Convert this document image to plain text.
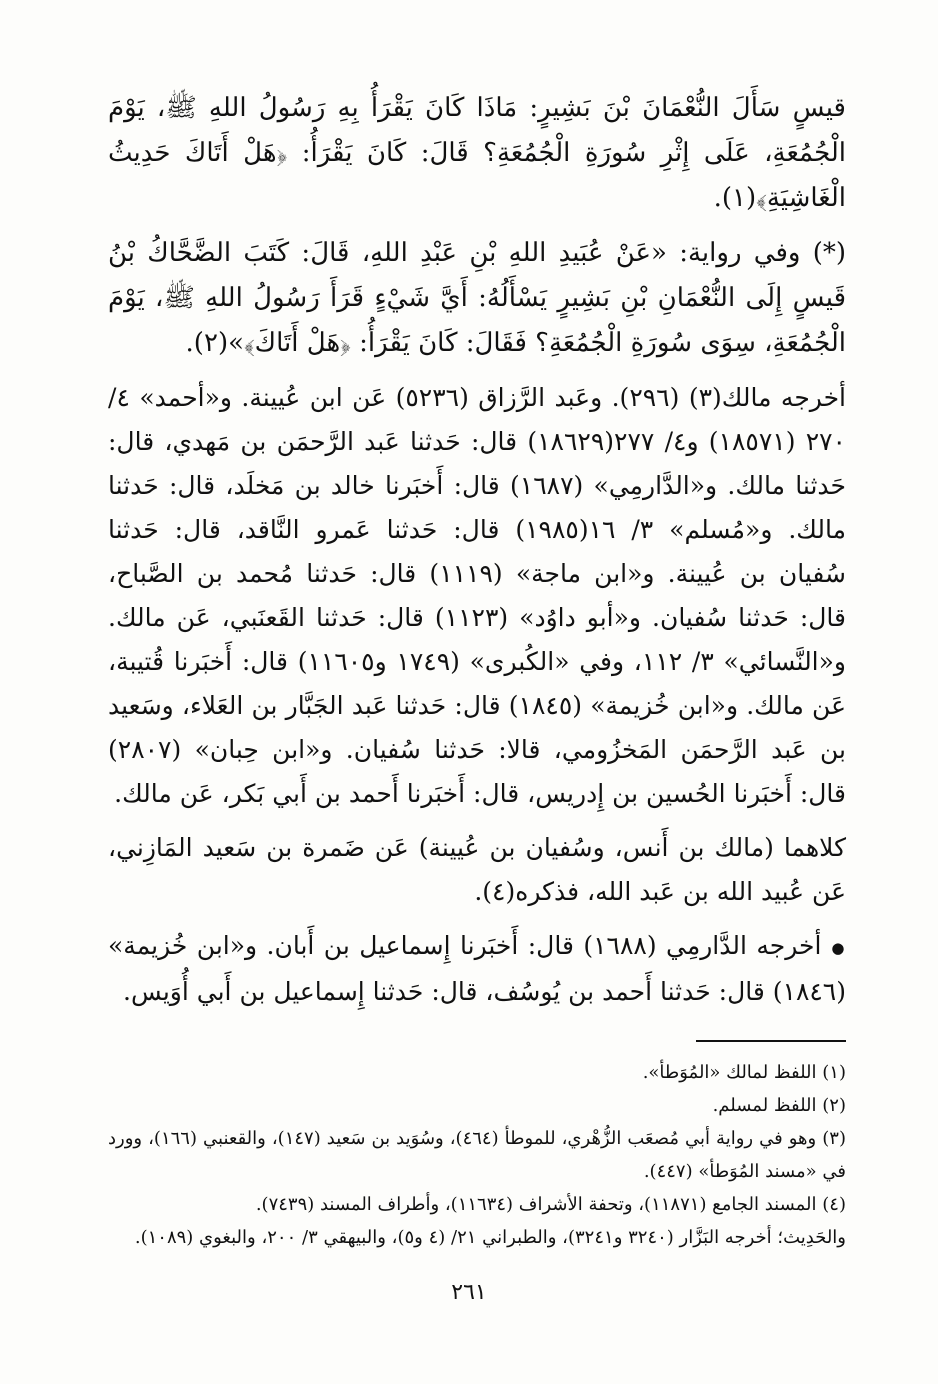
قيسٍ سَأَلَ النُّعْمَانَ بْنَ بَشِيرٍ: مَاذَا كَانَ يَقْرَأُ بِهِ رَسُولُ اللهِ ﷺ، يَوْمَ الْجُمُعَةِ، عَلَى إِثْرِ سُورَةِ الْجُمُعَةِ؟ قَالَ: كَانَ يَقْرَأُ: ﴿هَلْ أَتَاكَ حَدِيثُ الْغَاشِيَةِ﴾(١).

(*) وفي رواية: «عَنْ عُبَيدِ اللهِ بْنِ عَبْدِ اللهِ، قَالَ: كَتَبَ الضَّحَّاكُ بْنُ قَيسٍ إِلَى النُّعْمَانِ بْنِ بَشِيرٍ يَسْأَلُهُ: أَيَّ شَيْءٍ قَرَأَ رَسُولُ اللهِ ﷺ، يَوْمَ الْجُمُعَةِ، سِوَى سُورَةِ الْجُمُعَةِ؟ فَقَالَ: كَانَ يَقْرَأُ: ﴿هَلْ أَتَاكَ﴾»(٢).

أخرجه مالك(٣) (٢٩٦). وعَبد الرَّزاق (٥٢٣٦) عَن ابن عُيينة. و«أحمد» ٤/ ٢٧٠ (١٨٥٧١) و٤/ ٢٧٧(١٨٦٢٩) قال: حَدثنا عَبد الرَّحمَن بن مَهدي، قال: حَدثنا مالك. و«الدَّارمِي» (١٦٨٧) قال: أَخبَرنا خالد بن مَخلَد، قال: حَدثنا مالك. و«مُسلم» ٣/ ١٦(١٩٨٥) قال: حَدثنا عَمرو النَّاقد، قال: حَدثنا سُفيان بن عُيينة. و«ابن ماجة» (١١١٩) قال: حَدثنا مُحمد بن الصَّباح، قال: حَدثنا سُفيان. و«أبو داوُد» (١١٢٣) قال: حَدثنا القَعنَبي، عَن مالك. و«النَّسائي» ٣/ ١١٢، وفي «الكُبرى» (١٧٤٩ و١١٦٠٥) قال: أَخبَرنا قُتيبة، عَن مالك. و«ابن خُزيمة» (١٨٤٥) قال: حَدثنا عَبد الجَبَّار بن العَلاء، وسَعيد بن عَبد الرَّحمَن المَخزُومي، قالا: حَدثنا سُفيان. و«ابن حِبان» (٢٨٠٧) قال: أَخبَرنا الحُسين بن إِدريس، قال: أَخبَرنا أَحمد بن أَبي بَكر، عَن مالك.

كلاهما (مالك بن أَنس، وسُفيان بن عُيينة) عَن ضَمرة بن سَعيد المَازِني، عَن عُبيد الله بن عَبد الله، فذكره(٤).

● أخرجه الدَّارمِي (١٦٨٨) قال: أَخبَرنا إِسماعيل بن أَبان. و«ابن خُزيمة» (١٨٤٦) قال: حَدثنا أَحمد بن يُوسُف، قال: حَدثنا إِسماعيل بن أَبي أُوَيس.

(١) اللفظ لمالك «المُوَطأ».

(٢) اللفظ لمسلم.

(٣) وهو في رواية أبي مُصعَب الزُّهْري، للموطأ (٤٦٤)، وسُوَيد بن سَعيد (١٤٧)، والقعنبي (١٦٦)، وورد في «مسند المُوَطأ» (٤٤٧).

(٤) المسند الجامع (١١٨٧١)، وتحفة الأشراف (١١٦٣٤)، وأطراف المسند (٧٤٣٩).

والحَدِيث؛ أخرجه البَزَّار (٣٢٤٠ و٣٢٤١)، والطبراني ٢١/ (٤ و٥)، والبيهقي ٣/ ٢٠٠، والبغوي (١٠٨٩).

٢٦١
